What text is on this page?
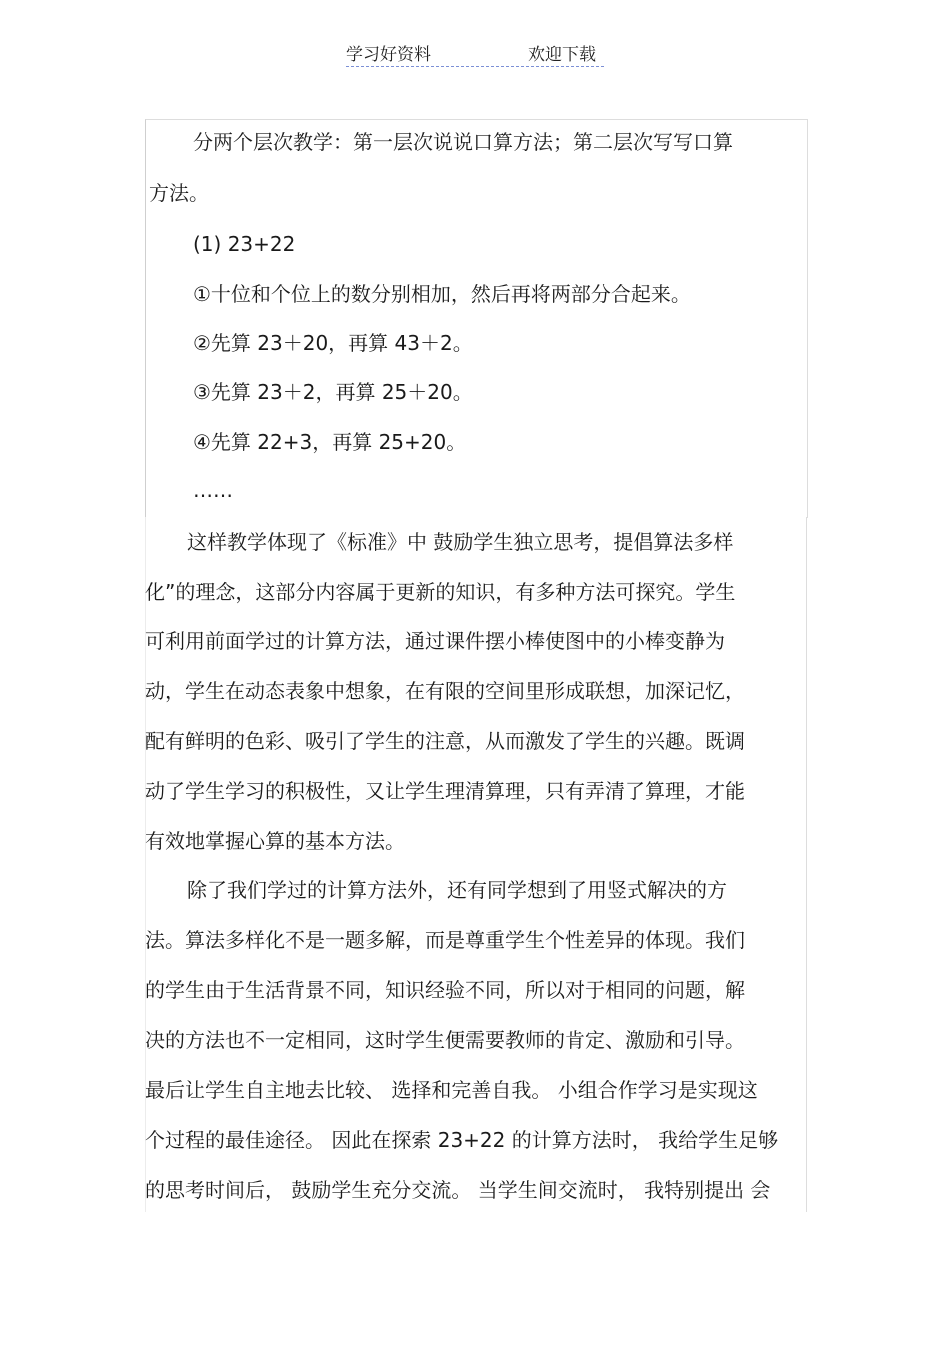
学习好资料	欢迎下载
分两个层次教学：第一层次说说口算方法；第二层次写写口算
方法。
(1) 23+22
①十位和个位上的数分别相加，然后再将两部分合起来。
②先算 23＋20，再算 43＋2。
③先算 23＋2，再算 25＋20。
④先算 22+3，再算 25+20。
……
这样教学体现了《标准》中 鼓励学生独立思考，提倡算法多样
化”的理念，这部分内容属于更新的知识，有多种方法可探究。学生
可利用前面学过的计算方法，通过课件摆小棒使图中的小棒变静为
动，学生在动态表象中想象，在有限的空间里形成联想，加深记忆，
配有鲜明的色彩、吸引了学生的注意，从而激发了学生的兴趣。既调
动了学生学习的积极性，又让学生理清算理，只有弄清了算理，才能
有效地掌握心算的基本方法。
除了我们学过的计算方法外，还有同学想到了用竖式解决的方
法。算法多样化不是一题多解，而是尊重学生个性差异的体现。我们
的学生由于生活背景不同，知识经验不同，所以对于相同的问题，解
决的方法也不一定相同，这时学生便需要教师的肯定、激励和引导。
最后让学生自主地去比较、 选择和完善自我。 小组合作学习是实现这
个过程的最佳途径。 因此在探索 23+22 的计算方法时， 我给学生足够
的思考时间后， 鼓励学生充分交流。 当学生间交流时， 我特别提出 会
